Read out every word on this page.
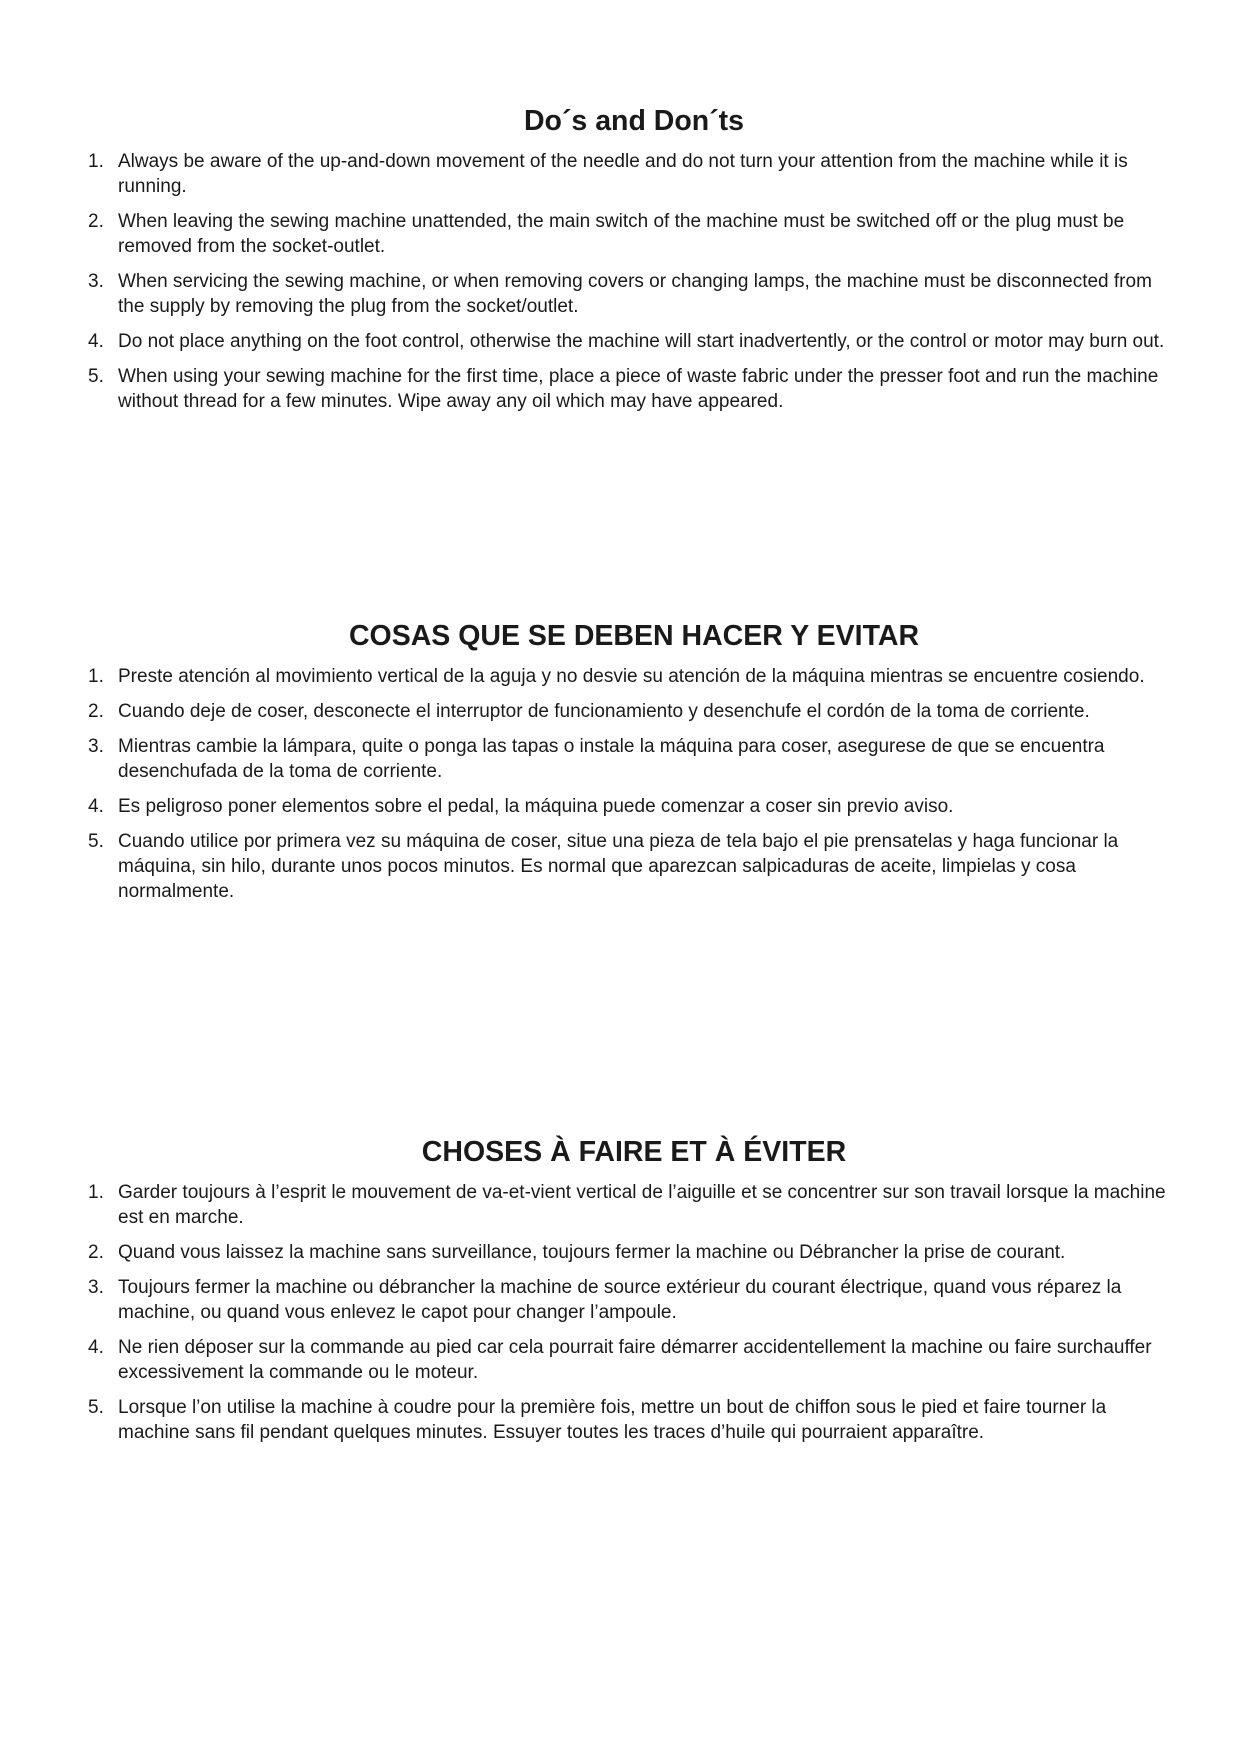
Do´s and Don´ts
1. Always be aware of the up-and-down movement of the needle and do not turn your attention from the machine while it is running.
2. When leaving the sewing machine unattended, the main switch of the machine must be switched off or the plug must be removed from the socket-outlet.
3. When servicing the sewing machine, or when removing covers or changing lamps, the machine must be disconnected from the supply by removing the plug from the socket/outlet.
4. Do not place anything on the foot control, otherwise the machine will start inadvertently, or the control or motor may burn out.
5. When using your sewing machine for the first time, place a piece of waste fabric under the presser foot and run the machine without thread for a few minutes. Wipe away any oil which may have appeared.
COSAS QUE SE DEBEN HACER Y EVITAR
1. Preste atención al movimiento vertical de la aguja y no desvie su atención de la máquina mientras se encuentre cosiendo.
2. Cuando deje de coser, desconecte el interruptor de funcionamiento y desenchufe el cordón de la toma de corriente.
3. Mientras cambie la lámpara, quite o ponga las tapas o instale la máquina para coser, asegurese de que se encuentra desenchufada de la toma de corriente.
4. Es peligroso poner elementos sobre el pedal, la máquina puede comenzar a coser sin previo aviso.
5. Cuando utilice por primera vez su máquina de coser, situe una pieza de tela bajo el pie prensatelas y haga funcionar la máquina, sin hilo, durante unos pocos minutos. Es normal que aparezcan salpicaduras de aceite, limpielas y cosa normalmente.
CHOSES À FAIRE ET À ÉVITER
1. Garder toujours à l’esprit le mouvement de va-et-vient vertical de l’aiguille et se concentrer sur son travail lorsque la machine est en marche.
2. Quand vous laissez la machine sans surveillance, toujours fermer la machine ou Débrancher la prise de courant.
3. Toujours fermer la machine ou débrancher la machine de source extérieur du courant électrique, quand vous réparez la machine, ou quand vous enlevez le capot pour changer l’ampoule.
4. Ne rien déposer sur la commande au pied car cela pourrait faire démarrer accidentellement la machine ou faire surchauffer excessivement la commande ou le moteur.
5. Lorsque l’on utilise la machine à coudre pour la première fois, mettre un bout de chiffon sous le pied et faire tourner la machine sans fil pendant quelques minutes. Essuyer toutes les traces d’huile qui pourraient apparaître.
